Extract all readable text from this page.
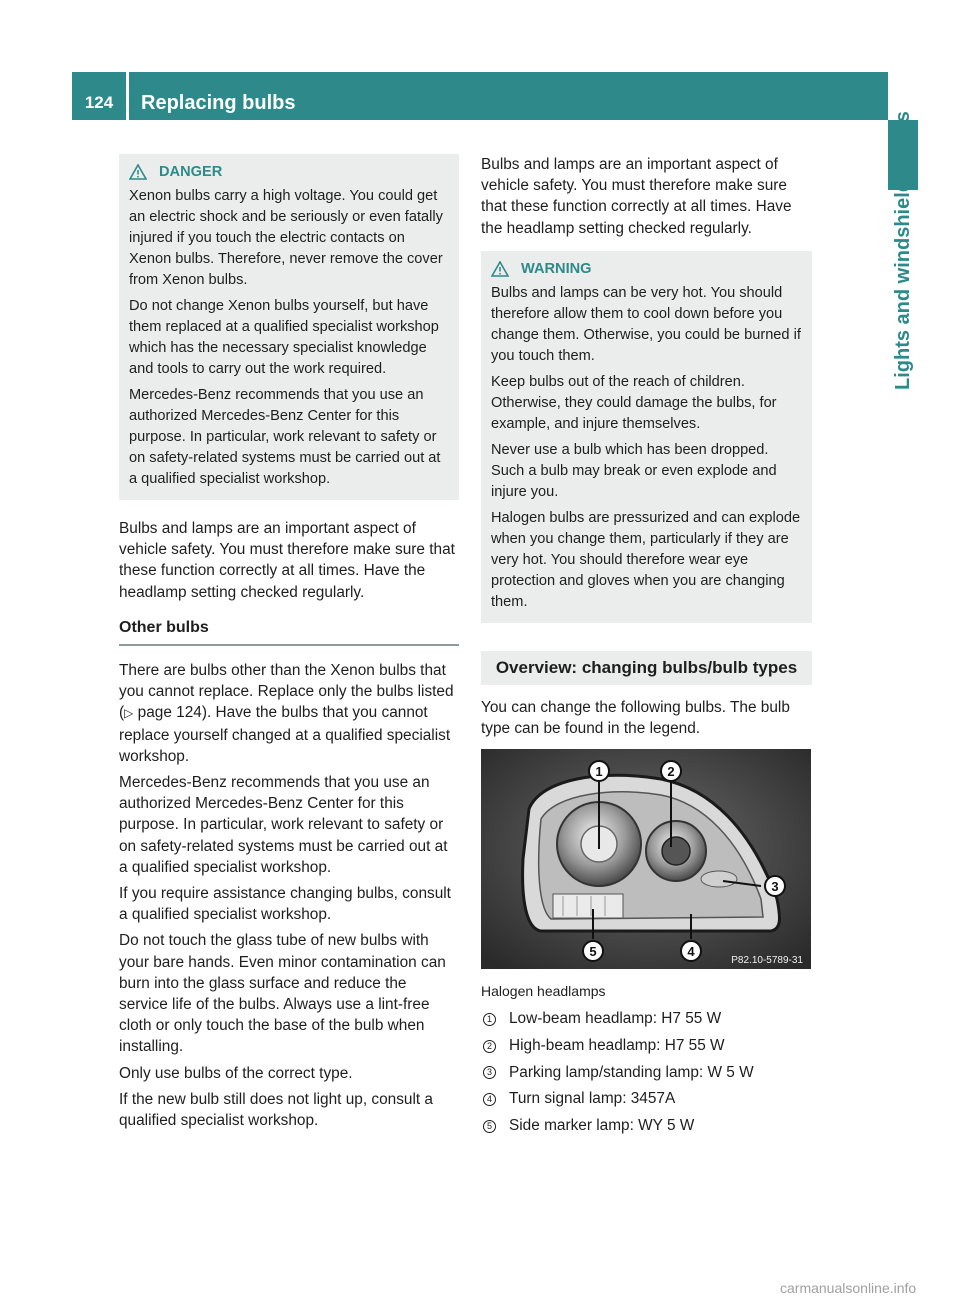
124	Replacing bulbs
Lights and windshield wipers
DANGER

Xenon bulbs carry a high voltage. You could get an electric shock and be seriously or even fatally injured if you touch the electric contacts on Xenon bulbs. Therefore, never remove the cover from Xenon bulbs.

Do not change Xenon bulbs yourself, but have them replaced at a qualified specialist workshop which has the necessary specialist knowledge and tools to carry out the work required.

Mercedes-Benz recommends that you use an authorized Mercedes-Benz Center for this purpose. In particular, work relevant to safety or on safety-related systems must be carried out at a qualified specialist workshop.

Bulbs and lamps are an important aspect of vehicle safety. You must therefore make sure that these function correctly at all times. Have the headlamp setting checked regularly.

Other bulbs

There are bulbs other than the Xenon bulbs that you cannot replace. Replace only the bulbs listed (▷ page 124). Have the bulbs that you cannot replace yourself changed at a qualified specialist workshop.

Mercedes-Benz recommends that you use an authorized Mercedes-Benz Center for this purpose. In particular, work relevant to safety or on safety-related systems must be carried out at a qualified specialist workshop.

If you require assistance changing bulbs, consult a qualified specialist workshop.

Do not touch the glass tube of new bulbs with your bare hands. Even minor contamination can burn into the glass surface and reduce the service life of the bulbs. Always use a lint-free cloth or only touch the base of the bulb when installing.

Only use bulbs of the correct type.

If the new bulb still does not light up, consult a qualified specialist workshop.

Bulbs and lamps are an important aspect of vehicle safety. You must therefore make sure that these function correctly at all times. Have the headlamp setting checked regularly.

WARNING

Bulbs and lamps can be very hot. You should therefore allow them to cool down before you change them. Otherwise, you could be burned if you touch them.

Keep bulbs out of the reach of children. Otherwise, they could damage the bulbs, for example, and injure themselves.

Never use a bulb which has been dropped. Such a bulb may break or even explode and injure you.

Halogen bulbs are pressurized and can explode when you change them, particularly if they are very hot. You should therefore wear eye protection and gloves when you are changing them.

Overview: changing bulbs/bulb types

You can change the following bulbs. The bulb type can be found in the legend.

1	2
3
4
5
P82.10-5789-31
Halogen headlamps
1 Low-beam headlamp: H7 55 W
2 High-beam headlamp: H7 55 W
3 Parking lamp/standing lamp: W 5 W
4 Turn signal lamp: 3457A
5 Side marker lamp: WY 5 W
carmanualsonline.info
